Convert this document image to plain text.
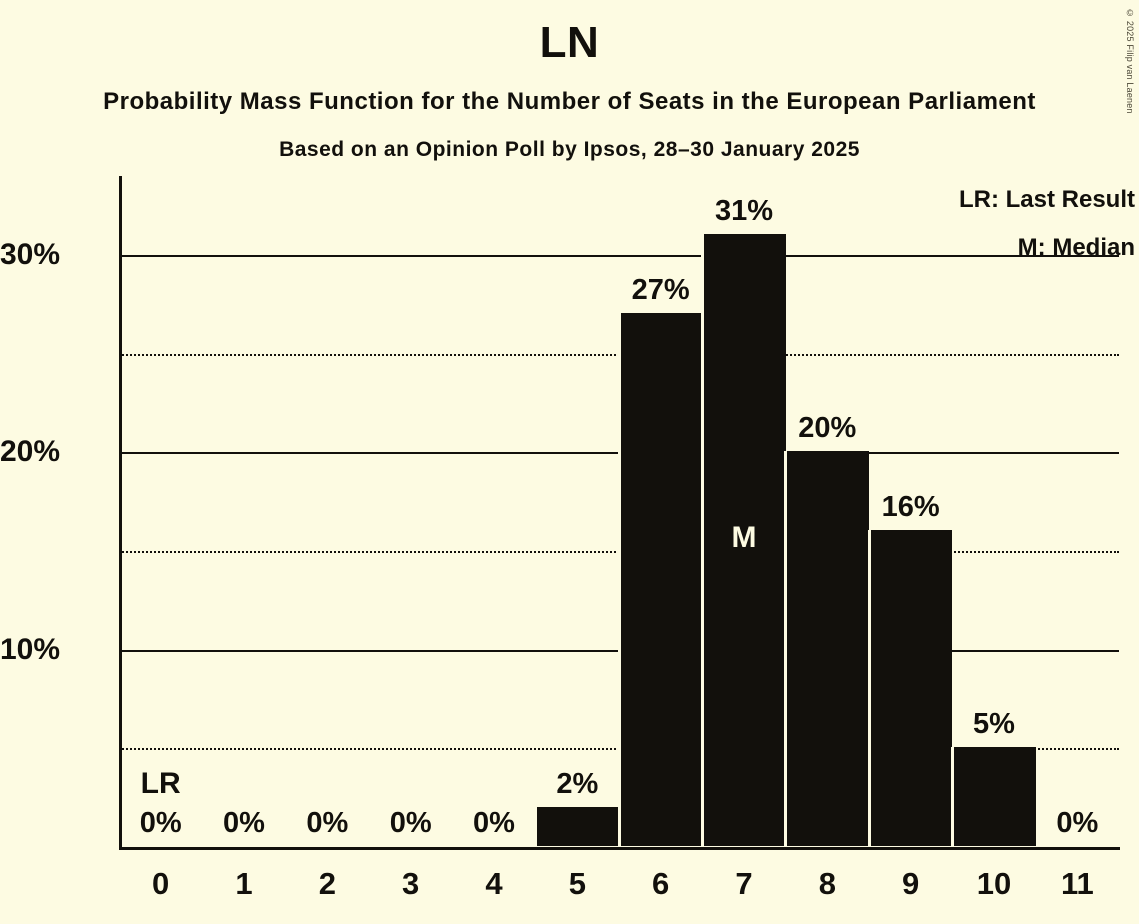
LN
Probability Mass Function for the Number of Seats in the European Parliament
Based on an Opinion Poll by Ipsos, 28–30 January 2025
© 2025 Filip van Laenen
10%
20%
30%
0% 0% 0% 0% 0%
2%
27%
31%
20%
16%
5%
0%
M
LR
0 1 2 3 4 5 6 7 8 9 10 11
LR: Last Result
M: Median
